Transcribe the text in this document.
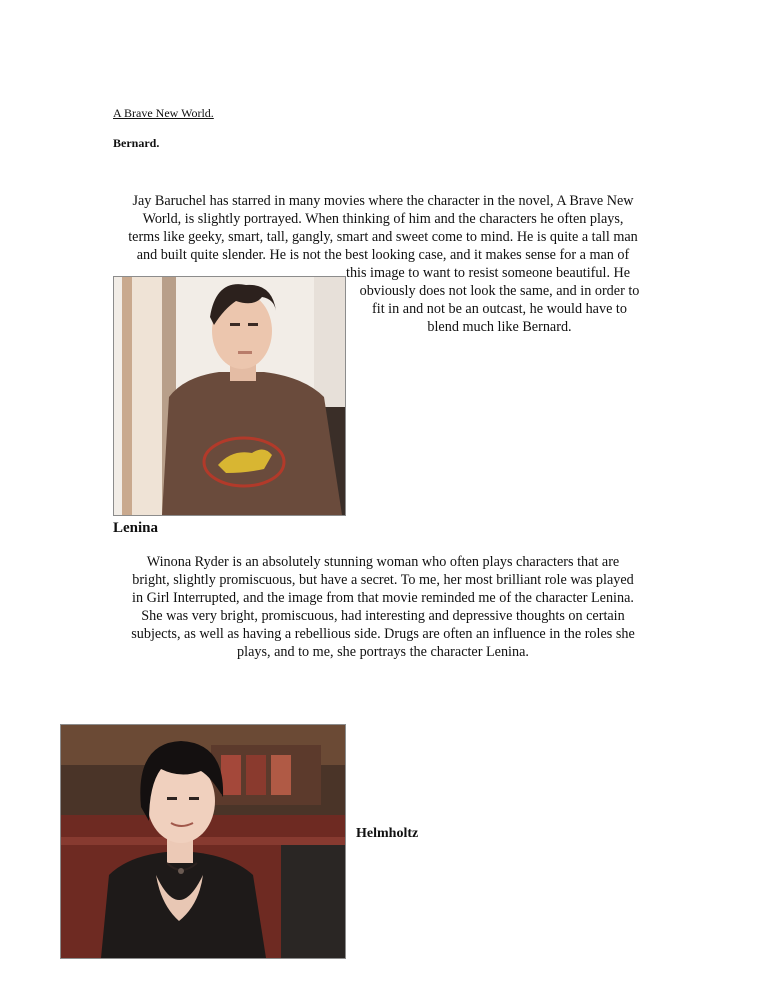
A Brave New World.
Bernard.
Jay Baruchel has starred in many movies where the character in the novel, A Brave New
World, is slightly portrayed. When thinking of him and the characters he often plays,
terms like geeky, smart, tall, gangly, smart and sweet come to mind. He is quite a tall man
and built quite slender. He is not the best looking case, and it makes sense for a man of
this image to want to resist someone beautiful. He
obviously does not look the same, and in order to
fit in and not be an outcast, he would have to
blend much like Bernard.
Lenina
Winona Ryder is an absolutely stunning woman who often plays characters that are
bright, slightly promiscuous, but have a secret. To me, her most brilliant role was played
in Girl Interrupted, and the image from that movie reminded me of the character Lenina.
She was very bright, promiscuous, had interesting and depressive thoughts on certain
subjects, as well as having a rebellious side. Drugs are often an influence in the roles she
plays, and to me, she portrays the character Lenina.
Helmholtz
